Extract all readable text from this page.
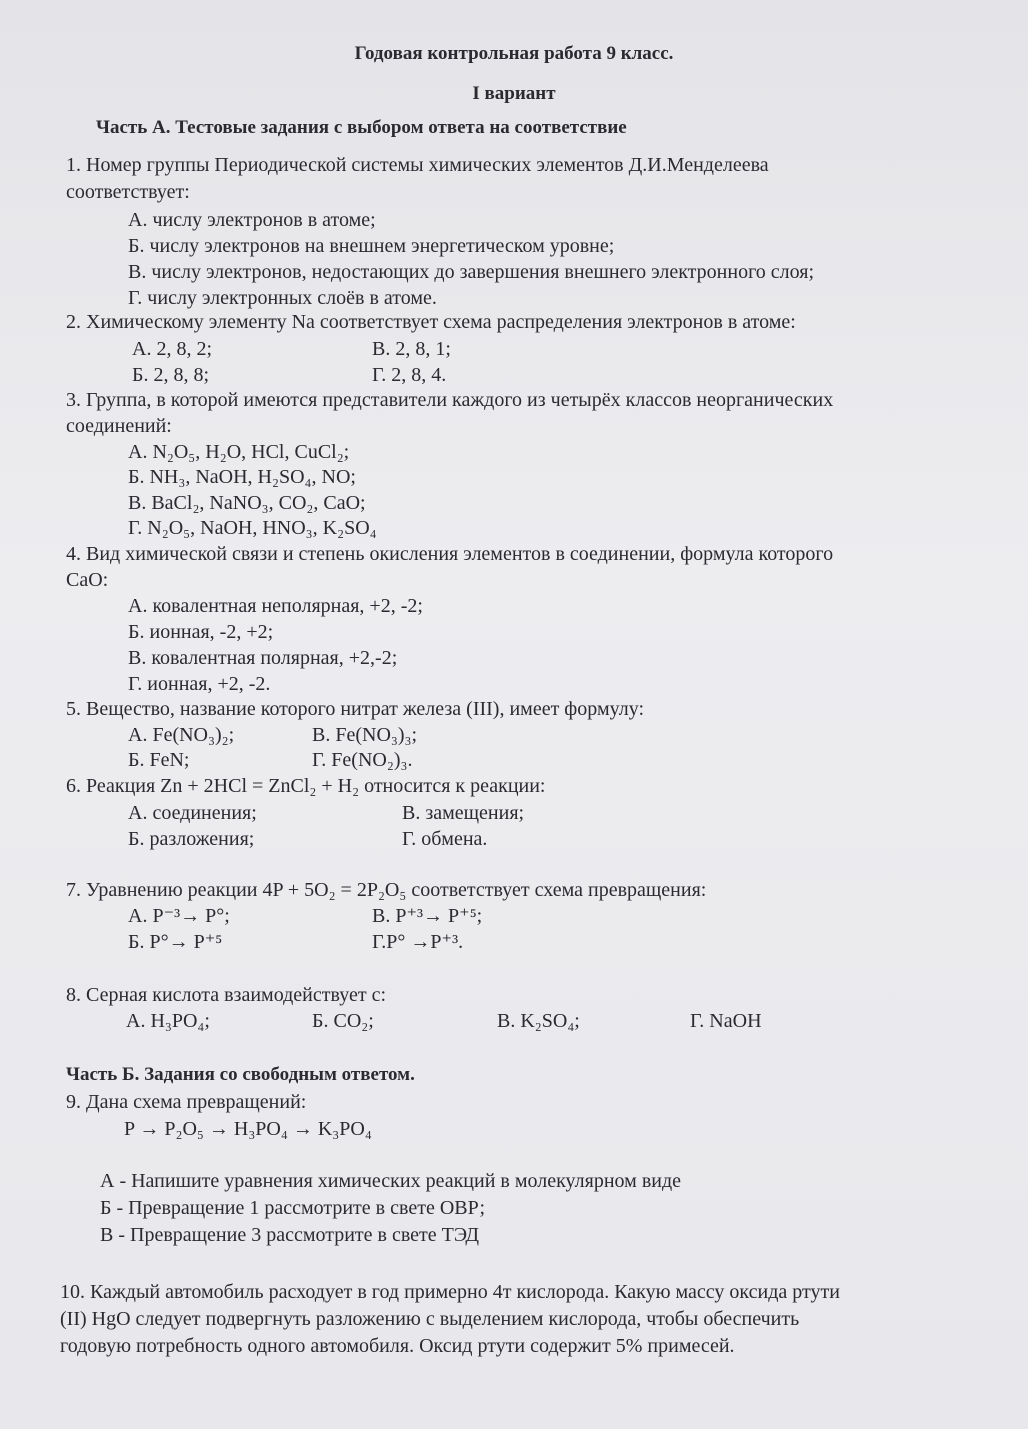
Годовая контрольная работа 9 класс.
I вариант
Часть А. Тестовые задания с выбором ответа на соответствие
1. Номер группы Периодической системы химических элементов Д.И.Менделеева
соответствует:
А. числу электронов в атоме;
Б. числу электронов на внешнем энергетическом уровне;
В. числу электронов, недостающих до завершения внешнего электронного слоя;
Г. числу электронных слоёв в атоме.
2. Химическому элементу Na соответствует схема распределения электронов в атоме:
А. 2, 8, 2;	В. 2, 8, 1;
Б. 2, 8, 8;	Г. 2, 8, 4.
3. Группа, в которой имеются представители каждого из четырёх классов неорганических
соединений:
А. N₂O₅, H₂O, HCl, CuCl₂;
Б. NH₃, NaOH, H₂SO₄, NO;
В. BaCl₂, NaNO₃, CO₂, CaO;
Г. N₂O₅, NaOH, HNO₃, K₂SO₄
4. Вид химической связи и степень окисления элементов в соединении, формула которого
CaO:
А. ковалентная неполярная, +2, -2;
Б. ионная, -2, +2;
В. ковалентная полярная, +2,-2;
Г. ионная, +2, -2.
5. Вещество, название которого нитрат железа (III), имеет формулу:
А. Fe(NO₃)₂;	В. Fe(NO₃)₃;
Б. FeN;	Г. Fe(NO₂)₃.
6. Реакция Zn + 2HCl = ZnCl₂ + H₂ относится к реакции:
А. соединения;	В. замещения;
Б. разложения;	Г. обмена.
7. Уравнению реакции 4P + 5O₂ = 2P₂O₅ соответствует схема превращения:
А. P⁻³→ P°;	В. P⁺³→ P⁺⁵;
Б. P°→ P⁺⁵	Г.P° →P⁺³.
8. Серная кислота взаимодействует с:
А. H₃PO₄;	Б. CO₂;	В. K₂SO₄;	Г. NaOH
Часть Б. Задания со свободным ответом.
9. Дана схема превращений:
P → P₂O₅ → H₃PO₄ → K₃PO₄
А - Напишите уравнения химических реакций в молекулярном виде
Б - Превращение 1 рассмотрите в свете ОВР;
В - Превращение 3 рассмотрите в свете ТЭД
10. Каждый автомобиль расходует в год примерно 4т кислорода. Какую массу оксида ртути
(II) HgO следует подвергнуть разложению с выделением кислорода, чтобы обеспечить
годовую потребность одного автомобиля. Оксид ртути содержит 5% примесей.
